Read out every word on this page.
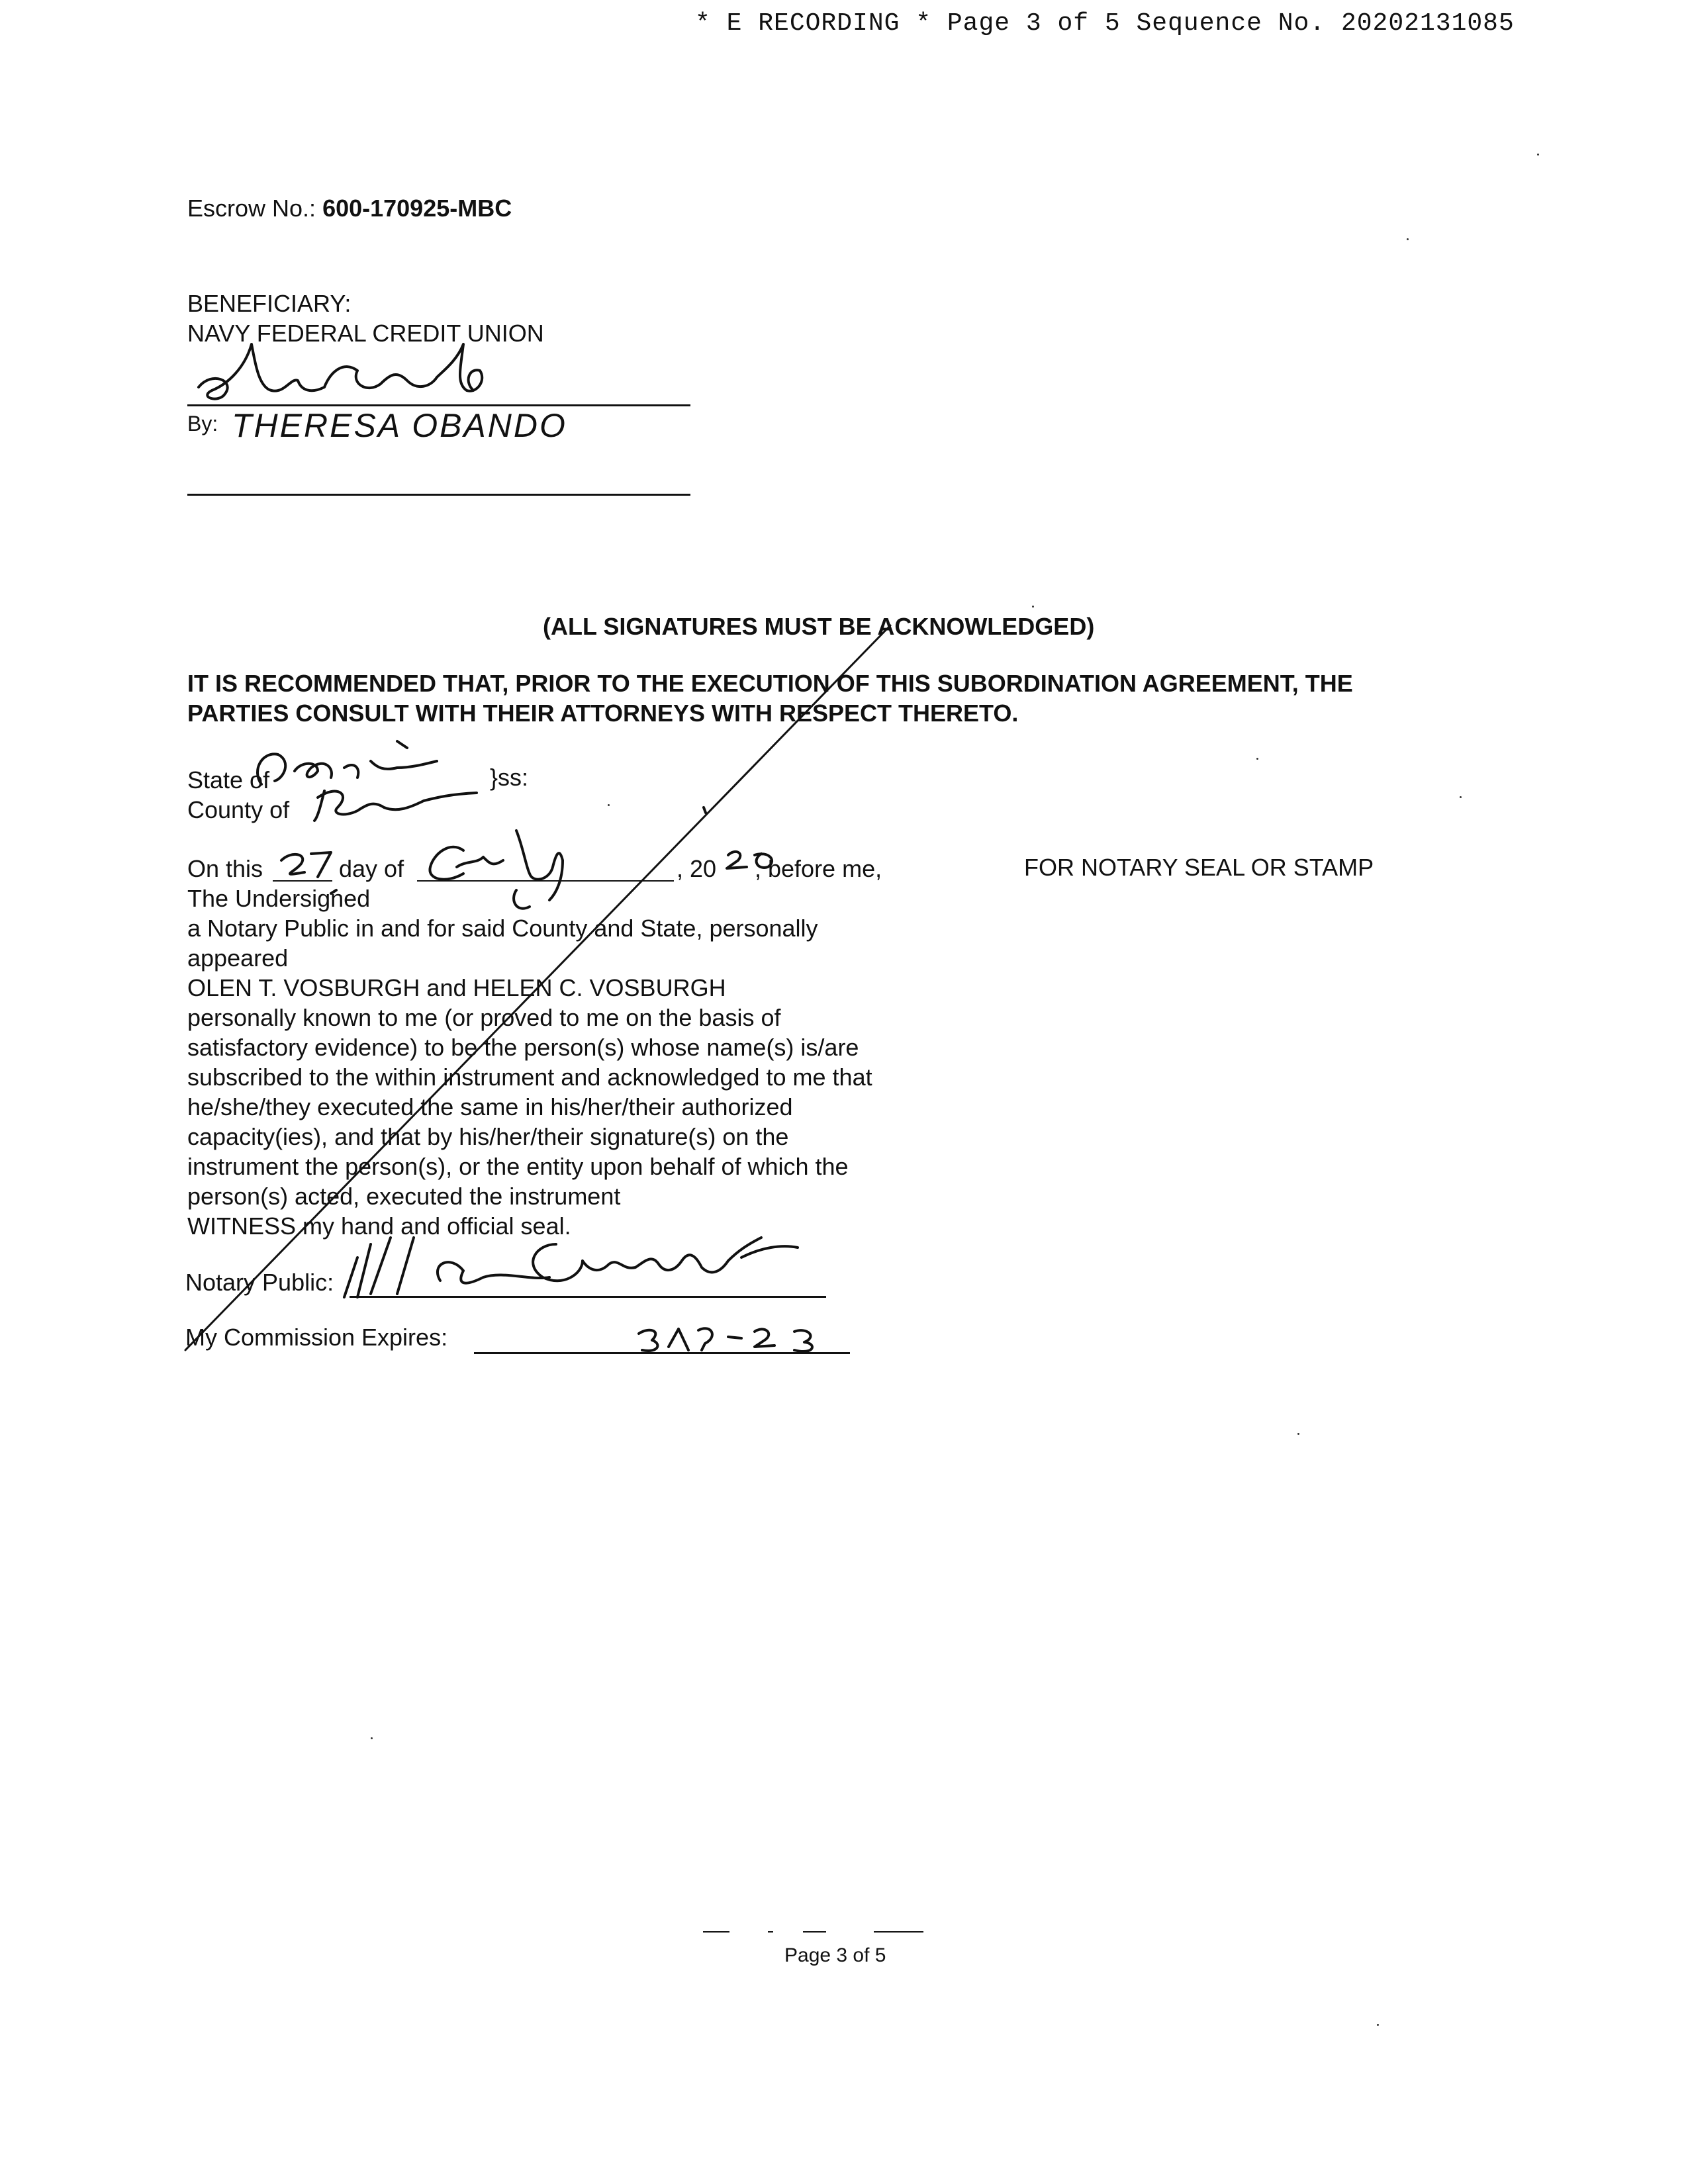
* E RECORDING * Page 3 of 5 Sequence No. 20202131085
Escrow No.: 600-170925-MBC
BENEFICIARY:
NAVY FEDERAL CREDIT UNION
By: THERESA OBANDO
(ALL SIGNATURES MUST BE ACKNOWLEDGED)
IT IS RECOMMENDED THAT, PRIOR TO THE EXECUTION OF THIS SUBORDINATION AGREEMENT, THE
PARTIES CONSULT WITH THEIR ATTORNEYS WITH RESPECT THERETO.
State of	}ss:
County of
On this	day of	, 20 , before me,	FOR NOTARY SEAL OR STAMP
The Undersigned
a Notary Public in and for said County and State, personally
appeared
OLEN T. VOSBURGH and HELEN C. VOSBURGH
personally known to me (or proved to me on the basis of
satisfactory evidence) to be the person(s) whose name(s) is/are
subscribed to the within instrument and acknowledged to me that
he/she/they executed the same in his/her/their authorized
capacity(ies), and that by his/her/their signature(s) on the
instrument the person(s), or the entity upon behalf of which the
person(s) acted, executed the instrument
WITNESS my hand and official seal.
Notary Public:
My Commission Expires:
Page 3 of 5
